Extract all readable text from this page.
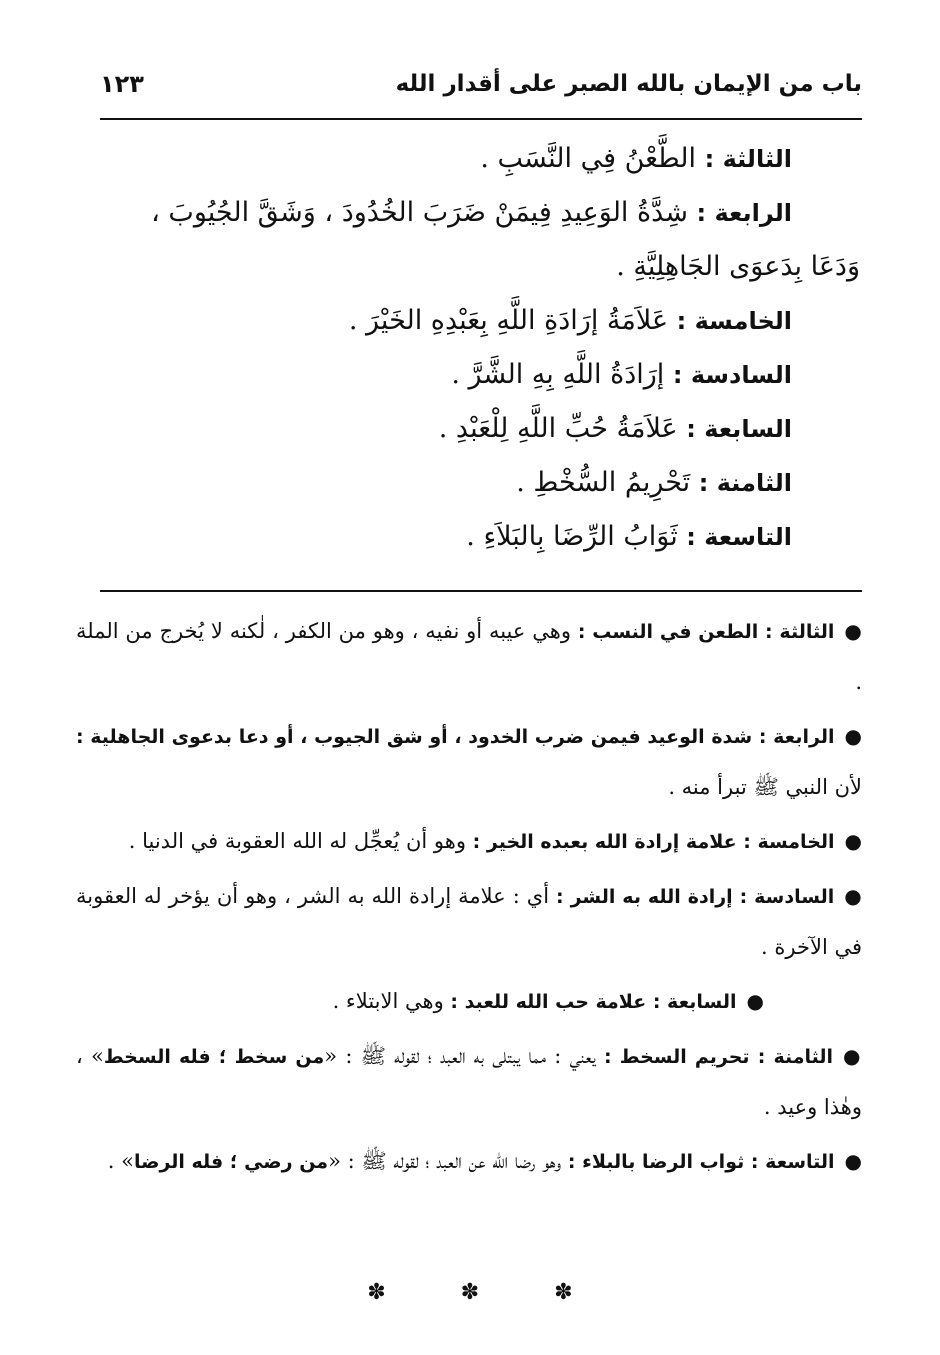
باب من الإيمان بالله الصبر على أقدار الله
١٢٣
الثالثة : الطَّعْنُ فِي النَّسَبِ .
الرابعة : شِدَّةُ الوَعِيدِ فِيمَنْ ضَرَبَ الخُدُودَ ، وَشَقَّ الجُيُوبَ ،
وَدَعَا بِدَعوَى الجَاهِلِيَّةِ .
الخامسة : عَلاَمَةُ إرَادَةِ اللَّهِ بِعَبْدِهِ الخَيْرَ .
السادسة : إرَادَةُ اللَّهِ بِهِ الشَّرَّ .
السابعة : عَلاَمَةُ حُبِّ اللَّهِ لِلْعَبْدِ .
الثامنة : تَحْرِيمُ السُّخْطِ .
التاسعة : ثَوَابُ الرِّضَا بِالبَلاَءِ .

●الثالثة : الطعن في النسب : وهي عيبه أو نفيه ، وهو من الكفر ، لٰكنه لا يُخرج من الملة .

●الرابعة : شدة الوعيد فيمن ضرب الخدود ، أو شق الجيوب ، أو دعا بدعوى الجاهلية : لأن النبي ﷺ تبرأ منه .

●الخامسة : علامة إرادة الله بعبده الخير : وهو أن يُعجِّل له الله العقوبة في الدنيا .

●السادسة : إرادة الله به الشر : أي : علامة إرادة الله به الشر ، وهو أن يؤخر له العقوبة في الآخرة .

●السابعة : علامة حب الله للعبد : وهي الابتلاء .

●الثامنة : تحريم السخط : يعني : مما يبتلى به العبد ؛ لقوله ﷺ : «من سخط ؛ فله السخط» ، وهٰذا وعيد .

●التاسعة : ثواب الرضا بالبلاء : وهو رضا الله عن العبد ؛ لقوله ﷺ : «من رضي ؛ فله الرضا» .

✽ ✽ ✽
